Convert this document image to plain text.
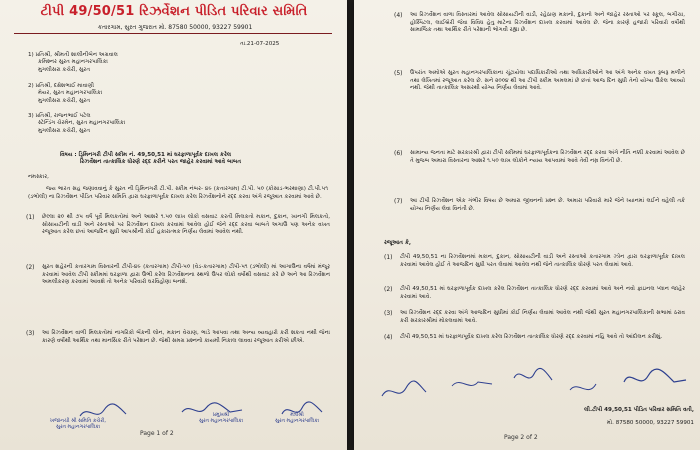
ટીપી 49/50/51 રિઝર્વેશન પીડિત પરિવાર સમિતિ
કતારગામ, સુરત ગુજરાત મો. 87580 50000, 93227 59901
તા.21-07-2025
1) પ્રતિશ્રી, શ્રીમતી શાલીનીબેન અગ્રવાલ
કમિશ્નર સુરત મહાનગરપાલિકા
મુગલીસરા કચેરી, સુરત
2) પ્રતિશ્રી, દક્ષેશભાઈ માવાણી
મેયર, સુરત મહાનગરપાલિકા
મુગલીસરા કચેરી, સુરત
3) પ્રતિશ્રી, રાજનભાઈ પટેલ
સ્ટેન્ડિંગ ચેરમેન, સુરત મહાનગરપાલિકા
મુગલીસરા કચેરી, સુરત
વિષય : ડ્રિમિનગરી ટીપી સ્કીમ નં. 49,50,51 માં ઘરફાળાપૂર્વક દાખલ કરેલ
રિઝર્વેશન તાત્કાલિક ધોરણે રદ્દ કરીને પરત જાહેર કરવામાં આવે બાબત
નમસ્કાર,
જય ભારત સહ જણાવવાનું કે સુરત ની ડ્રિમિનગરી ટી.પી. સ્કીમ નંબર- ૪૯ (કતારગામ) ટી.પી. ૫૦ (કોસાડ-ભરથાણા) ટી.પી.૫૧ (ડભોલી) ના રિઝર્વેશન પીડિત પરિવાર સમિતિ દ્વારા ઘરફાળાપૂર્વક દાખલ કરેલ રિઝર્વેશનોને રદ્દ કરવા અંગે રજૂઆત કરવામાં આવે છે.
(1) છેલ્લા ૨૦ થી ૭૫ વર્ષ પૂર્વે મિલકતોમાં અને આશરે ૧.૫૦ લાખ લોકો વસવાટ કરતી મિલકતો મકાન, દુકાન, ખાનગી મિલકતો, સોસાયટીની વાડી અને રસ્તાઓ પર રિઝર્વેશન દાખલ કરવામાં આવેલ હોઈ જેને રદ્દ કરવા બાબતે અગાઉ પણ અનેક વખત રજૂઆત કરેલ છતાં આજદિન સુધી આપશ્રીની કોઈ હકારાત્મક નિર્ણય લેવામાં આવેલ નથી.
(2) સુરત શહેરની કતારગામ વિસ્તારની ટીપી-૪૯ (કતારગામ) ટીપી-૫૦ (વેડ-કતારગામ) ટીપી-૫૧ (ડભોલી) માં આગાઉના વર્ષમાં મંજૂર કરવામાં આવેલ ટીપી સ્કીમમાં ઘરફાળા દ્વારા ઉભી કરેલ રિઝર્વેશનના સ્થળો ઉપર લોકો વર્ષોથી વસવાટ કરે છે અને આ રિઝર્વેશન અમલીકરણ કરવામાં આવશે તો અનેક પરિવારો ઘરવિહોણા બનશે.
(3) આ રિઝર્વેશન વાળી મિલકતોમાં નાગરિકો બેંકની લોન, મકાન વેચાણ, ભાડે આપવા તથા અન્ય વ્યવહારો કરી શકતા નથી જેના કારણે વર્ષોથી આર્થિક તથા માનસિક રીતે પરેશાન છે. જેથી સમગ્ર પ્રશ્નનો કાયમી નિકાલ લાવવા રજૂઆત કરીએ છીએ.
ખજાનચી શ્રી સમિતિ કચેરી,
સુરત મહાનગરપાલિકા
પ્રમુખશ્રી
સુરત મહાનગરપાલિકા
મંત્રીશ્રી
સુરત મહાનગરપાલિકા
Page 1 of 2
(4) આ રિઝર્વેશન વાળા વિસ્તારમાં આવેલ સોસાયટીની વાડી, રહેઠાણ મકાનો, દુકાનો અને જાહેર રસ્તાઓ પર સ્કૂલ, બગીચા, હોસ્પિટલ, લાઈબ્રેરી જેવા વિવિધ હેતુ માટેના રિઝર્વેશન દાખલ કરવામાં આવેલ છે. જેના કારણે હજારો પરિવારો વર્ષોથી સામાજિક તથા આર્થિક રીતે પરેશાની ભોગવી રહ્યા છે.
(5) ઉપરાંત અમોએ સુરત મહાનગરપાલિકાના ચૂંટાયેલા પદાધિકારીઓ તથા અધિકારીઓને આ અંગે અનેક વખત રૂબરૂ મળીને તથા લેખિતમાં રજૂઆત કરેલ છે. સને ૨૦૦૪ થી આ ટીપી સ્કીમ અમલમાં છે છતાં આજ દિન સુધી તેનો યોગ્ય ઉકેલ આવ્યો નથી. જેથી તાત્કાલિક અસરથી યોગ્ય નિર્ણય લેવામાં આવે.
(6) સામાન્ય જનતા માટે સરકારશ્રી દ્વારા ટીપી સ્કીમમાં ઘરફાળાપૂર્વકના રિઝર્વેશન રદ્દ કરવા અંગે નીતિ નક્કી કરવામાં આવેલ છે તે મુજબ અમારા વિસ્તારના આશરે ૧.૫૦ લાખ લોકોને ન્યાય આપવામાં આવે તેવી નમ્ર વિનંતી છે.
(7) આ ટીપી રિઝર્વેશન એક ગંભીર વિષય છે અમારા જીવનનો પ્રશ્ન છે. અમારા પરિવારો મારે જેને ધ્યાનમાં લઈને વહેલી તકે યોગ્ય નિર્ણય લેવા વિનંતી છે.
રજૂઆત કે,
(1) ટીપી 49,50,51 ના રિઝર્વેશનમાં મકાન, દુકાન, સોસાયટીની વાડી અને રસ્તાઓ કતારગામ ઝોન દ્વારા ઘરફાળાપૂર્વક દાખલ કરવામાં આવેલ હોઈ તે આજદિન સુધી પરત લેવામાં આવેલ નથી જેને તાત્કાલિક ધોરણે પરત લેવામાં આવે.
(2) ટીપી 49,50,51 માં ઘરફાળાપૂર્વક દાખલ કરેલ રિઝર્વેશન તાત્કાલિક ધોરણે રદ્દ કરવામાં આવે અને નવો ફાઇનલ પ્લાન જાહેર કરવામાં આવે.
(3) આ રિઝર્વેશન રદ્દ કરવા અંગે આજદિન સુધીમાં કોઈ નિર્ણય લેવામાં આવેલ નથી જેથી સુરત મહાનગરપાલિકાની સભામાં ઠરાવ કરી સરકારશ્રીમાં મોકલવામાં આવે.
(4) ટીપી 49,50,51 માં ઘરફાળાપૂર્વક દાખલ કરેલ રિઝર્વેશન તાત્કાલિક ધોરણે રદ્દ કરવામાં નહિ આવે તો આંદોલન કરીશું.
લી.ટીપી 49,50,51 પીડિત પરિવાર સમિતિ વતી,
મો. 87580 50000, 93227 59901
Page 2 of 2
